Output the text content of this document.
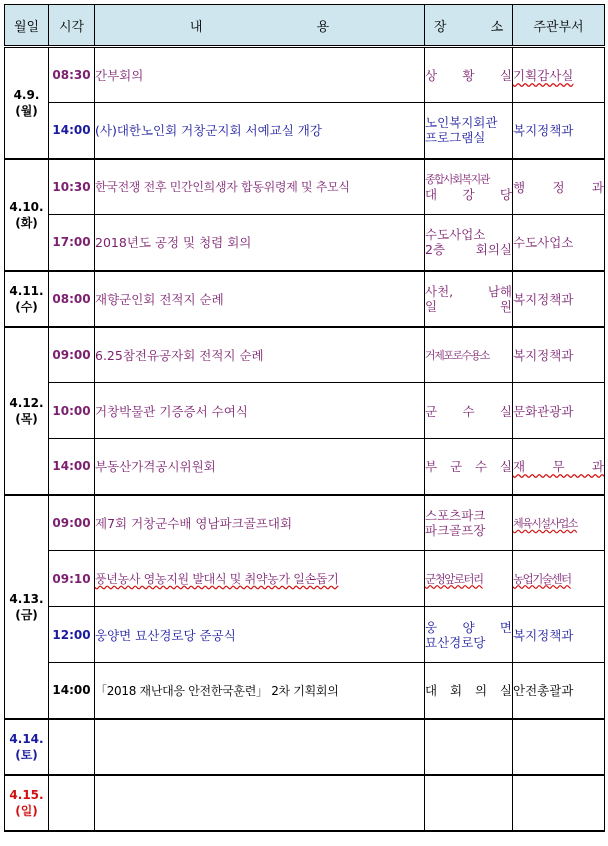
월일	시각	내 용	장 소	주관부서
4.9.
(월)	08:30	간부회의	상 황 실	기획감사실
	14:00	(사)대한노인회 거창군지회 서예교실 개강	노인복지회관
프로그램실	복지정책과
4.10.
(화)	10:30	한국전쟁 전후 민간인희생자 합동위령제 및 추모식	종합사회복지관
대 강 당	행 정 과
	17:00	2018년도 공정 및 청렴 회의	수도사업소
2층 회의실	수도사업소
4.11.
(수)	08:00	재향군인회 전적지 순례	사천, 남해
일 원	복지정책과
4.12.
(목)	09:00	6.25참전유공자회 전적지 순례	거제포로수용소	복지정책과
	10:00	거창박물관 기증증서 수여식	군 수 실	문화관광과
	14:00	부동산가격공시위원회	부 군 수 실	재 무 과
4.13.
(금)	09:00	제7회 거창군수배 영남파크골프대회	스포츠파크
파크골프장	체육시설사업소
	09:10	풍년농사 영농지원 발대식 및 취약농가 일손돕기	군청앞로터리	농업기술센터
	12:00	웅양면 묘산경로당 준공식	웅 양 면
묘산경로당	복지정책과
	14:00	「2018 재난대응 안전한국훈련」 2차 기획회의	대 회 의 실	안전총괄과
4.14.
(토)				
4.15.
(일)				
